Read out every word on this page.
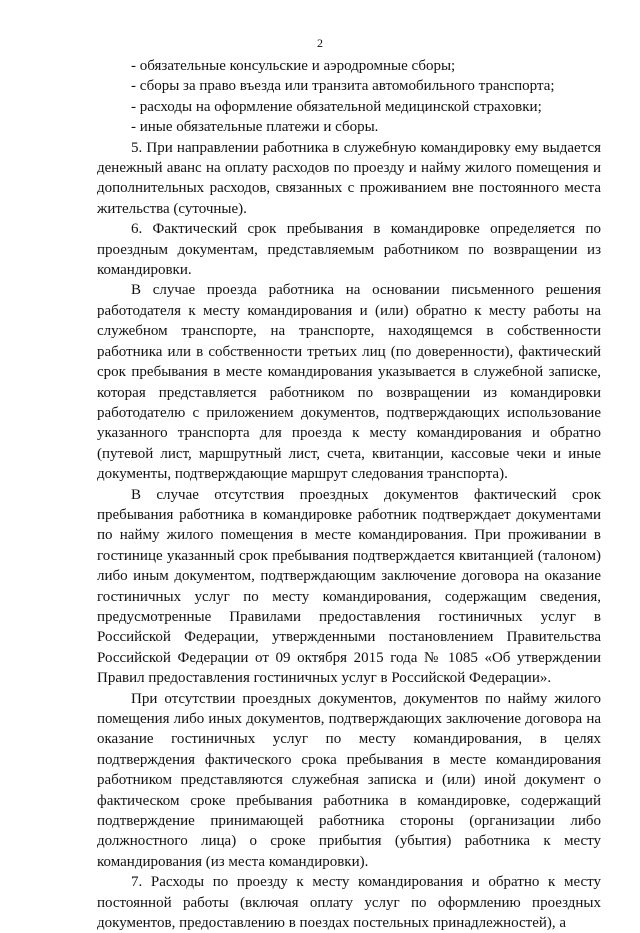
2

- обязательные консульские и аэродромные сборы;

- сборы за право въезда или транзита автомобильного транспорта;

- расходы на оформление обязательной медицинской страховки;

- иные обязательные платежи и сборы.

5. При направлении работника в служебную командировку ему выдается денежный аванс на оплату расходов по проезду и найму жилого помещения и дополнительных расходов, связанных с проживанием вне постоянного места жительства (суточные).

6. Фактический срок пребывания в командировке определяется по проездным документам, представляемым работником по возвращении из командировки.

В случае проезда работника на основании письменного решения работодателя к месту командирования и (или) обратно к месту работы на служебном транспорте, на транспорте, находящемся в собственности работника или в собственности третьих лиц (по доверенности), фактический срок пребывания в месте командирования указывается в служебной записке, которая представляется работником по возвращении из командировки работодателю с приложением документов, подтверждающих использование указанного транспорта для проезда к месту командирования и обратно (путевой лист, маршрутный лист, счета, квитанции, кассовые чеки и иные документы, подтверждающие маршрут следования транспорта).

В случае отсутствия проездных документов фактический срок пребывания работника в командировке работник подтверждает документами по найму жилого помещения в месте командирования. При проживании в гостинице указанный срок пребывания подтверждается квитанцией (талоном) либо иным документом, подтверждающим заключение договора на оказание гостиничных услуг по месту командирования, содержащим сведения, предусмотренные Правилами предоставления гостиничных услуг в Российской Федерации, утвержденными постановлением Правительства Российской Федерации от 09 октября 2015 года № 1085 «Об утверждении Правил предоставления гостиничных услуг в Российской Федерации».

При отсутствии проездных документов, документов по найму жилого помещения либо иных документов, подтверждающих заключение договора на оказание гостиничных услуг по месту командирования, в целях подтверждения фактического срока пребывания в месте командирования работником представляются служебная записка и (или) иной документ о фактическом сроке пребывания работника в командировке, содержащий подтверждение принимающей работника стороны (организации либо должностного лица) о сроке прибытия (убытия) работника к месту командирования (из места командировки).

7. Расходы по проезду к месту командирования и обратно к месту постоянной работы (включая оплату услуг по оформлению проездных документов, предоставлению в поездах постельных принадлежностей), а
